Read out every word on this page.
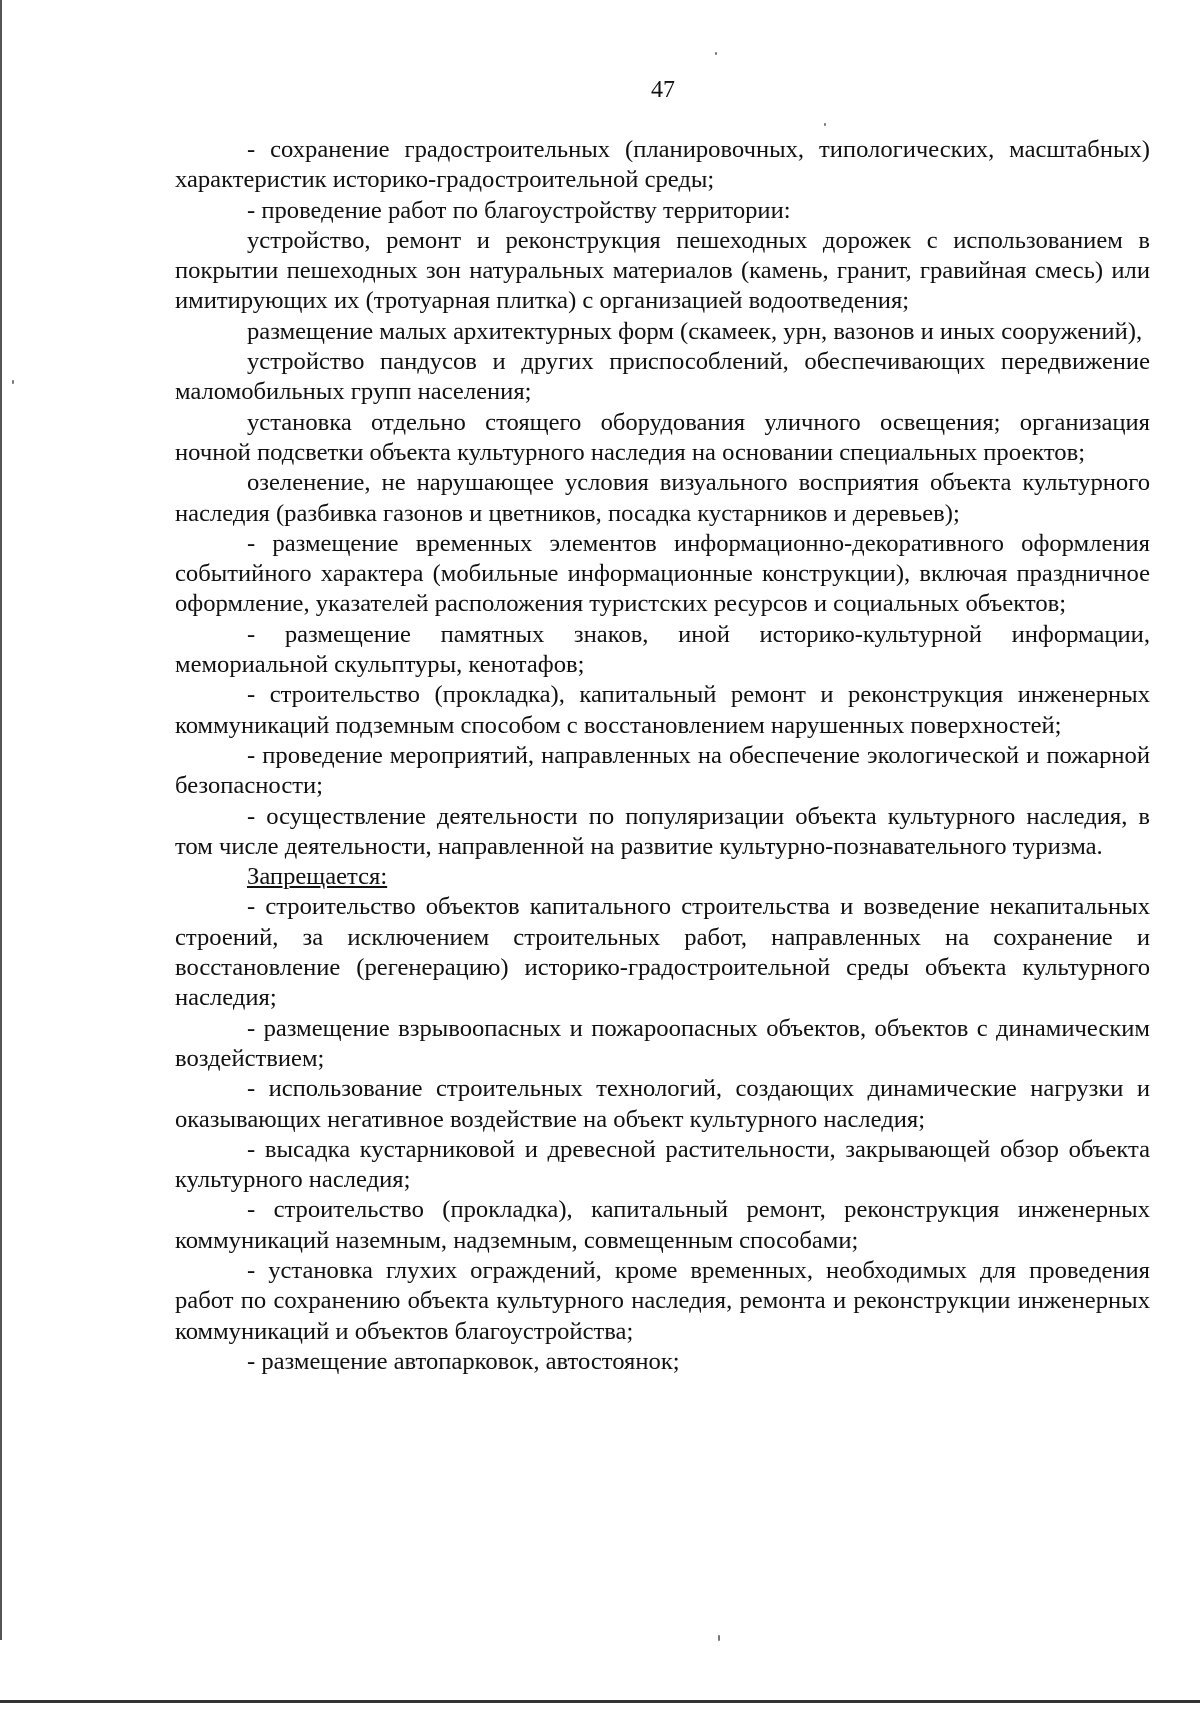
47

- сохранение градостроительных (планировочных, типологических, масштабных) характеристик историко-градостроительной среды;

- проведение работ по благоустройству территории:

устройство, ремонт и реконструкция пешеходных дорожек с использованием в покрытии пешеходных зон натуральных материалов (камень, гранит, гравийная смесь) или имитирующих их (тротуарная плитка) с организацией водоотведения;

размещение малых архитектурных форм (скамеек, урн, вазонов и иных сооружений),

устройство пандусов и других приспособлений, обеспечивающих передвижение маломобильных групп населения;

установка отдельно стоящего оборудования уличного освещения; организация ночной подсветки объекта культурного наследия на основании специальных проектов;

озеленение, не нарушающее условия визуального восприятия объекта культурного наследия (разбивка газонов и цветников, посадка кустарников и деревьев);

- размещение временных элементов информационно-декоративного оформления событийного характера (мобильные информационные конструкции), включая праздничное оформление, указателей расположения туристских ресурсов и социальных объектов;

- размещение памятных знаков, иной историко-культурной информации, мемориальной скульптуры, кенотафов;

- строительство (прокладка), капитальный ремонт и реконструкция инженерных коммуникаций подземным способом с восстановлением нарушенных поверхностей;

- проведение мероприятий, направленных на обеспечение экологической и пожарной безопасности;

- осуществление деятельности по популяризации объекта культурного наследия, в том числе деятельности, направленной на развитие культурно-познавательного туризма.

Запрещается:

- строительство объектов капитального строительства и возведение некапитальных строений, за исключением строительных работ, направленных на сохранение и восстановление (регенерацию) историко-градостроительной среды объекта культурного наследия;

- размещение взрывоопасных и пожароопасных объектов, объектов с динамическим воздействием;

- использование строительных технологий, создающих динамические нагрузки и оказывающих негативное воздействие на объект культурного наследия;

- высадка кустарниковой и древесной растительности, закрывающей обзор объекта культурного наследия;

- строительство (прокладка), капитальный ремонт, реконструкция инженерных коммуникаций наземным, надземным, совмещенным способами;

- установка глухих ограждений, кроме временных, необходимых для проведения работ по сохранению объекта культурного наследия, ремонта и реконструкции инженерных коммуникаций и объектов благоустройства;

- размещение автопарковок, автостоянок;
